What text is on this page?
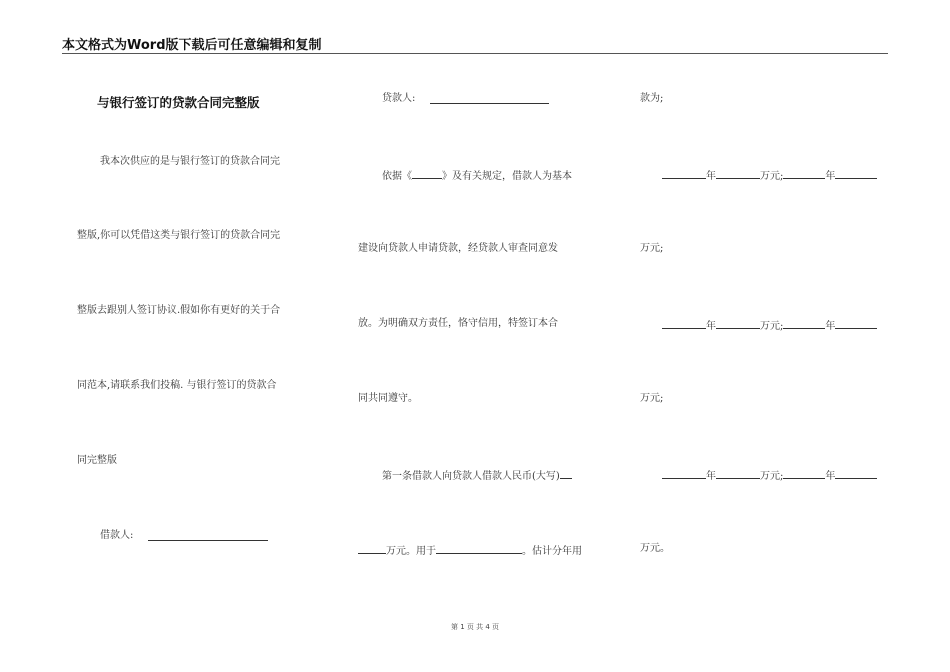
本文格式为Word版下载后可任意编辑和复制
与银行签订的贷款合同完整版
我本次供应的是与银行签订的贷款合同完
整版,你可以凭借这类与银行签订的贷款合同完
整版去跟别人签订协议.假如你有更好的关于合
同范本,请联系我们投稿. 与银行签订的贷款合
同完整版
借款人:
贷款人:
依据《	》及有关规定，借款人为基本
建设向贷款人申请贷款，经贷款人审查同意发
放。为明确双方责任，恪守信用，特签订本合
同共同遵守。
第一条借款人向贷款人借款人民币(大写)
万元。用于	。估计分年用
款为;
年	万元;	年
万元;
年	万元;	年
万元;
年	万元;	年
万元。
第 1 页 共 4 页
